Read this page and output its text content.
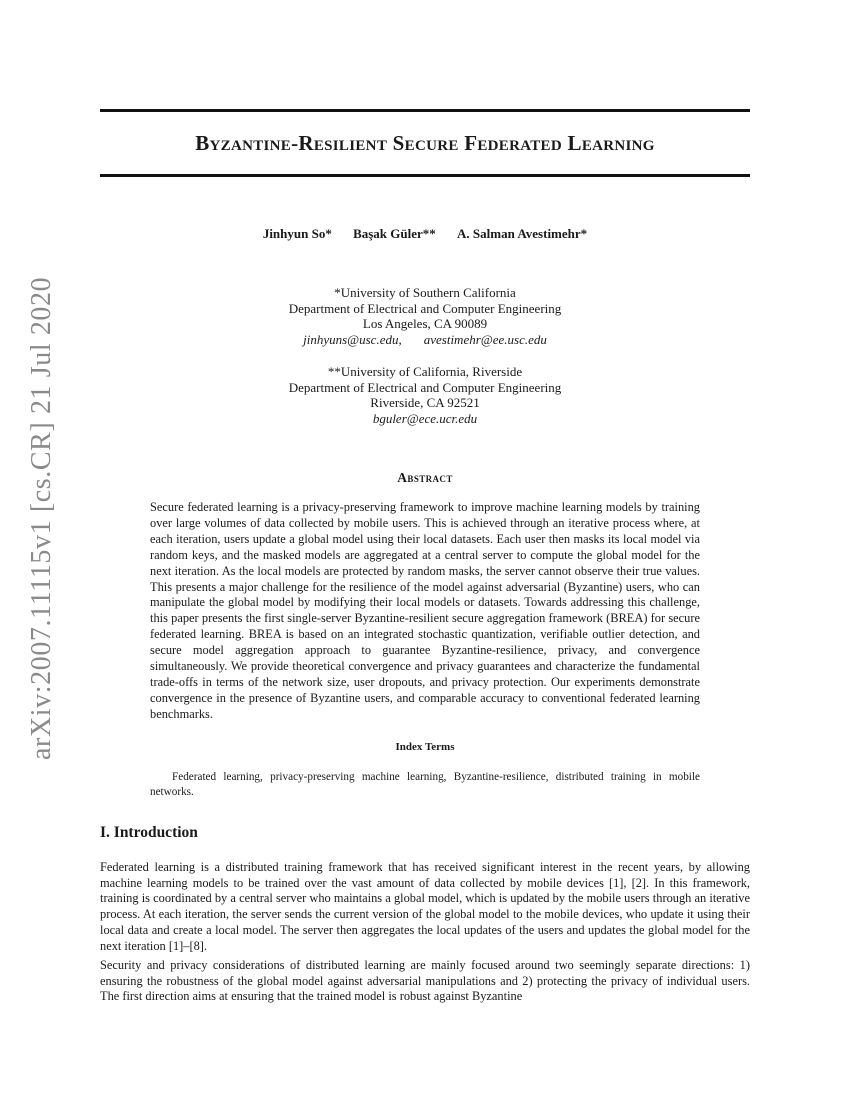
arXiv:2007.11115v1 [cs.CR] 21 Jul 2020
Byzantine-Resilient Secure Federated Learning
Jinhyun So* Başak Güler** A. Salman Avestimehr*
*University of Southern California
Department of Electrical and Computer Engineering
Los Angeles, CA 90089
jinhyuns@usc.edu, avestimehr@ee.usc.edu
**University of California, Riverside
Department of Electrical and Computer Engineering
Riverside, CA 92521
bguler@ece.ucr.edu
Abstract

Secure federated learning is a privacy-preserving framework to improve machine learning models by training over large volumes of data collected by mobile users. This is achieved through an iterative process where, at each iteration, users update a global model using their local datasets. Each user then masks its local model via random keys, and the masked models are aggregated at a central server to compute the global model for the next iteration. As the local models are protected by random masks, the server cannot observe their true values. This presents a major challenge for the resilience of the model against adversarial (Byzantine) users, who can manipulate the global model by modifying their local models or datasets. Towards addressing this challenge, this paper presents the first single-server Byzantine-resilient secure aggregation framework (BREA) for secure federated learning. BREA is based on an integrated stochastic quantization, verifiable outlier detection, and secure model aggregation approach to guarantee Byzantine-resilience, privacy, and convergence simultaneously. We provide theoretical convergence and privacy guarantees and characterize the fundamental trade-offs in terms of the network size, user dropouts, and privacy protection. Our experiments demonstrate convergence in the presence of Byzantine users, and comparable accuracy to conventional federated learning benchmarks.

Index Terms

Federated learning, privacy-preserving machine learning, Byzantine-resilience, distributed training in mobile networks.

I. Introduction

Federated learning is a distributed training framework that has received significant interest in the recent years, by allowing machine learning models to be trained over the vast amount of data collected by mobile devices [1], [2]. In this framework, training is coordinated by a central server who maintains a global model, which is updated by the mobile users through an iterative process. At each iteration, the server sends the current version of the global model to the mobile devices, who update it using their local data and create a local model. The server then aggregates the local updates of the users and updates the global model for the next iteration [1]–[8].

Security and privacy considerations of distributed learning are mainly focused around two seemingly separate directions: 1) ensuring the robustness of the global model against adversarial manipulations and 2) protecting the privacy of individual users. The first direction aims at ensuring that the trained model is robust against Byzantine
